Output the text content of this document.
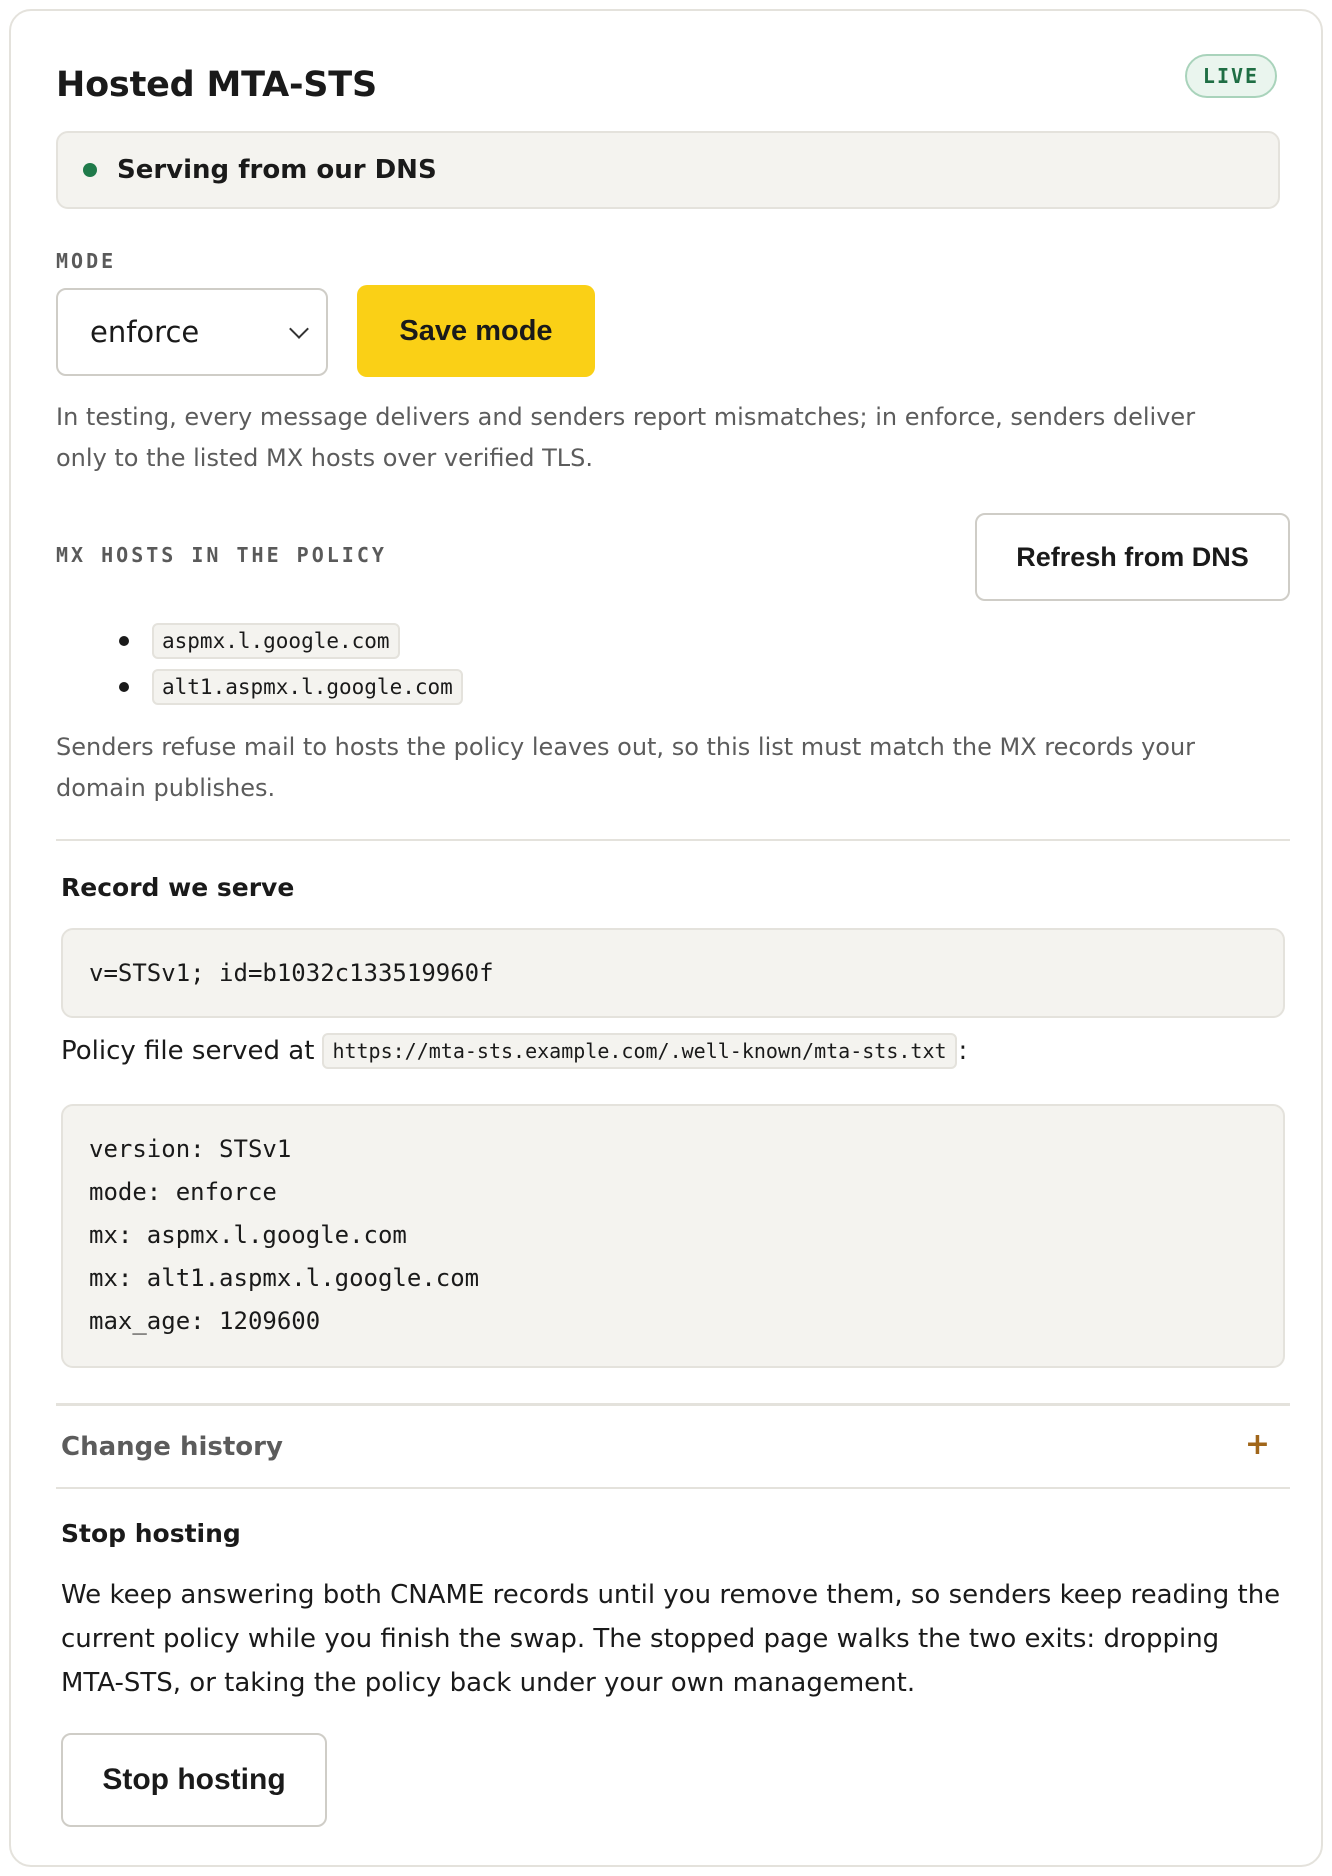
Hosted MTA-STS	LIVE
Serving from our DNS
MODE
enforce	Save mode

In testing, every message delivers and senders report mismatches; in enforce, senders deliver only to the listed MX hosts over verified TLS.

MX HOSTS IN THE POLICY	Refresh from DNS
aspmx.l.google.com
alt1.aspmx.l.google.com

Senders refuse mail to hosts the policy leaves out, so this list must match the MX records your domain publishes.

Record we serve
v=STSv1; id=b1032c133519960f
Policy file served at https://mta-sts.example.com/.well-known/mta-sts.txt :
version: STSv1
mode: enforce
mx: aspmx.l.google.com
mx: alt1.aspmx.l.google.com
max_age: 1209600
Change history	+
Stop hosting

We keep answering both CNAME records until you remove them, so senders keep reading the current policy while you finish the swap. The stopped page walks the two exits: dropping MTA-STS, or taking the policy back under your own management.

Stop hosting
